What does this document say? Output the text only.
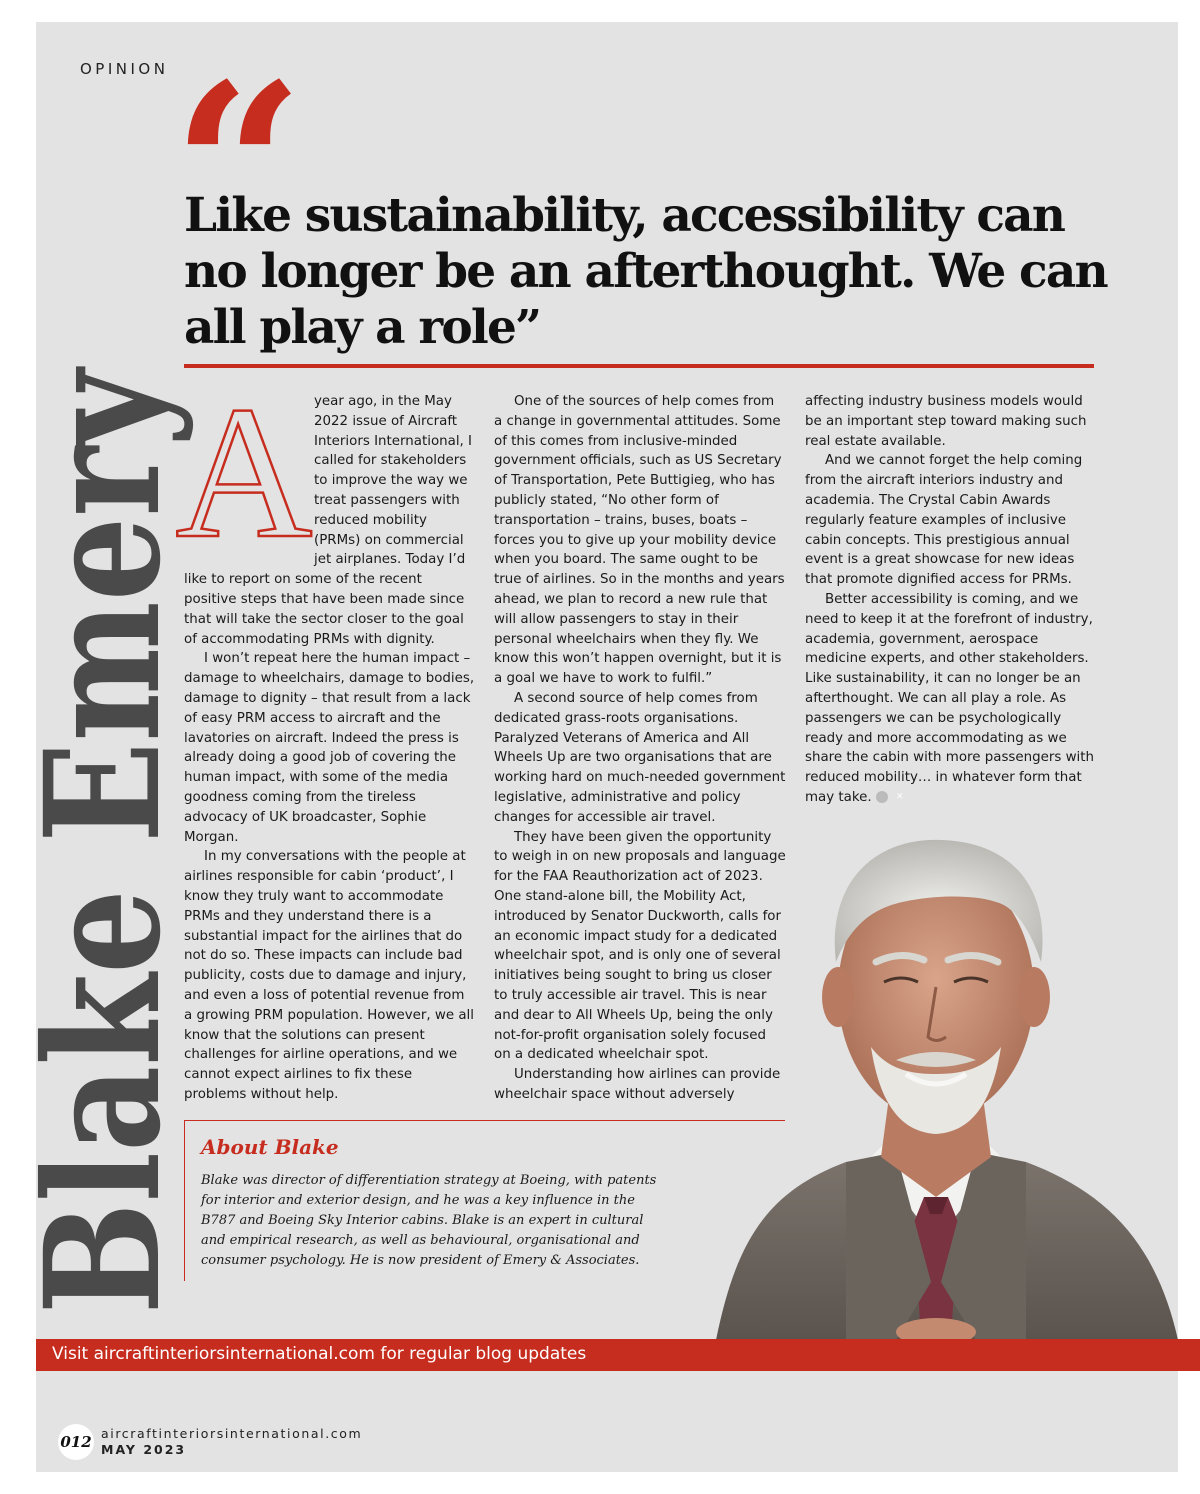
OPINION “
Like sustainability, accessibility can no longer be an afterthought. We can all play a role”
Blake Emery
A year ago, in the May 2022 issue of Aircraft Interiors International, I called for stakeholders to improve the way we treat passengers with reduced mobility (PRMs) on commercial jet airplanes. Today I’d like to report on some of the recent positive steps that have been made since that will take the sector closer to the goal of accommodating PRMs with dignity.

I won’t repeat here the human impact – damage to wheelchairs, damage to bodies, damage to dignity – that result from a lack of easy PRM access to aircraft and the lavatories on aircraft. Indeed the press is already doing a good job of covering the human impact, with some of the media goodness coming from the tireless advocacy of UK broadcaster, Sophie Morgan.

In my conversations with the people at airlines responsible for cabin ‘product’, I know they truly want to accommodate PRMs and they understand there is a substantial impact for the airlines that do not do so. These impacts can include bad publicity, costs due to damage and injury, and even a loss of potential revenue from a growing PRM population. However, we all know that the solutions can present challenges for airline operations, and we cannot expect airlines to fix these problems without help.

One of the sources of help comes from a change in governmental attitudes. Some of this comes from inclusive-minded government officials, such as US Secretary of Transportation, Pete Buttigieg, who has publicly stated, “No other form of transportation – trains, buses, boats – forces you to give up your mobility device when you board. The same ought to be true of airlines. So in the months and years ahead, we plan to record a new rule that will allow passengers to stay in their personal wheelchairs when they fly. We know this won’t happen overnight, but it is a goal we have to work to fulfil.”

A second source of help comes from dedicated grass-roots organisations. Paralyzed Veterans of America and All Wheels Up are two organisations that are working hard on much-needed government legislative, administrative and policy changes for accessible air travel.

They have been given the opportunity to weigh in on new proposals and language for the FAA Reauthorization act of 2023. One stand-alone bill, the Mobility Act, introduced by Senator Duckworth, calls for an economic impact study for a dedicated wheelchair spot, and is only one of several initiatives being sought to bring us closer to truly accessible air travel. This is near and dear to All Wheels Up, being the only not-for-profit organisation solely focused on a dedicated wheelchair spot.

Understanding how airlines can provide wheelchair space without adversely

affecting industry business models would be an important step toward making such real estate available.

And we cannot forget the help coming from the aircraft interiors industry and academia. The Crystal Cabin Awards regularly feature examples of inclusive cabin concepts. This prestigious annual event is a great showcase for new ideas that promote dignified access for PRMs.

Better accessibility is coming, and we need to keep it at the forefront of industry, academia, government, aerospace medicine experts, and other stakeholders. Like sustainability, it can no longer be an afterthought. We can all play a role. As passengers we can be psychologically ready and more accommodating as we share the cabin with more passengers with reduced mobility… in whatever form that may take.	✕

About Blake

Blake was director of differentiation strategy at Boeing, with patents for interior and exterior design, and he was a key influence in the B787 and Boeing Sky Interior cabins. Blake is an expert in cultural and empirical research, as well as behavioural, organisational and consumer psychology. He is now president of Emery & Associates.

Visit aircraftinteriorsinternational.com for regular blog updates
012 aircraftinteriorsinternational.com
MAY 2023
